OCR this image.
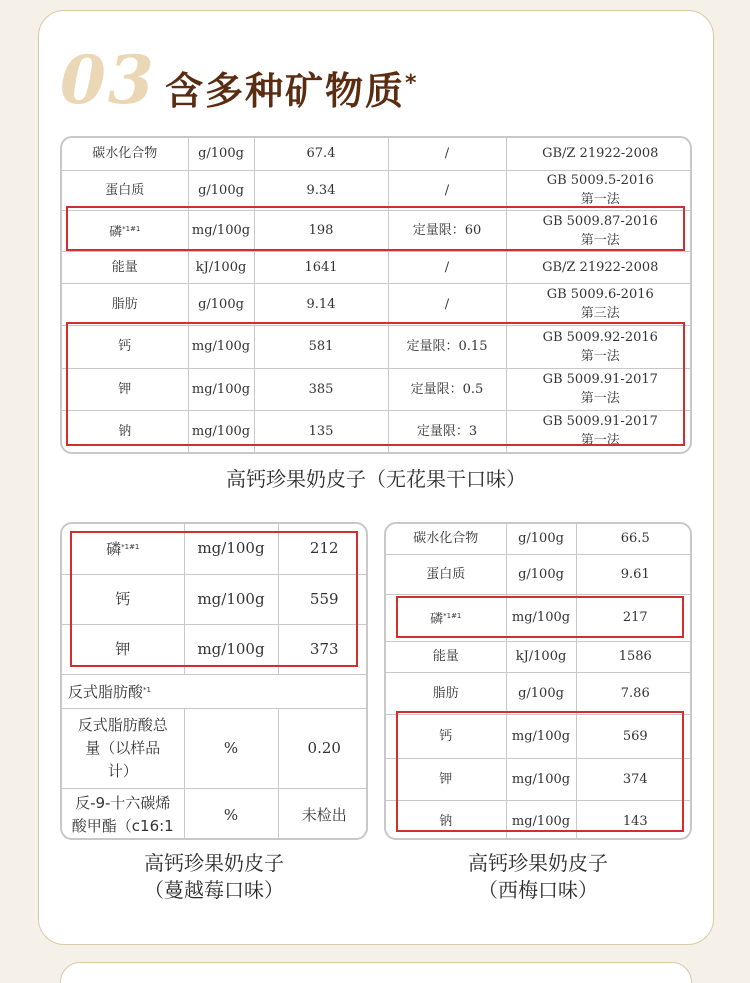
03 含多种矿物质*
碳水化合物	g/100g	67.4	/	GB/Z 21922-2008
蛋白质	g/100g	9.34	/	GB 5009.5-2016
第一法
磷$^{*1\#1}$	mg/100g	198	定量限：60	GB 5009.87-2016
第一法
能量	kJ/100g	1641	/	GB/Z 21922-2008
脂肪	g/100g	9.14	/	GB 5009.6-2016
第三法
钙	mg/100g	581	定量限：0.15	GB 5009.92-2016
第一法
钾	mg/100g	385	定量限：0.5	GB 5009.91-2017
第一法
钠	mg/100g	135	定量限：3	GB 5009.91-2017
第一法
高钙珍果奶皮子（无花果干口味）
磷$^{*1\#1}$	mg/100g	212
钙	mg/100g	559
钾	mg/100g	373
反式脂肪酸$^{*1}$
反式脂肪酸总
量（以样品
计）	%	0.20
反-9-十六碳烯
酸甲酯（c16:1	%	未检出
高钙珍果奶皮子
（蔓越莓口味）
碳水化合物	g/100g	66.5
蛋白质	g/100g	9.61
磷$^{*1\#1}$	mg/100g	217
能量	kJ/100g	1586
脂肪	g/100g	7.86
钙	mg/100g	569
钾	mg/100g	374
钠	mg/100g	143
高钙珍果奶皮子
（西梅口味）
